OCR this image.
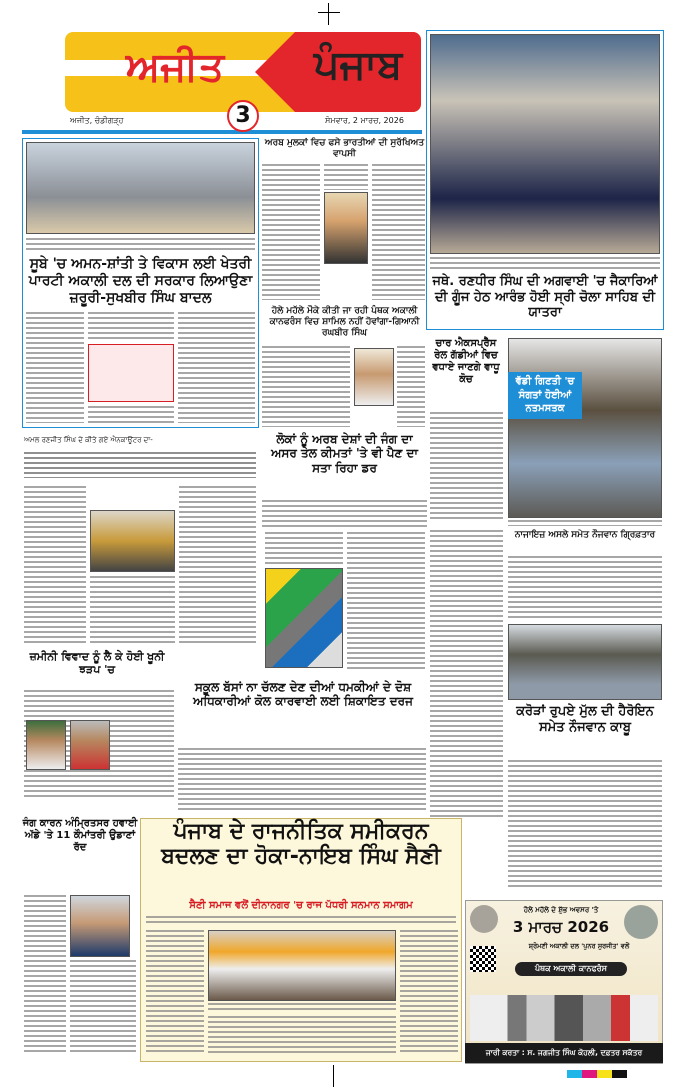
ਅਜੀਤ	ਪੰਜਾਬ
3
ਅਜੀਤ, ਚੰਡੀਗੜ੍ਹ	ਸੋਮਵਾਰ, 2 ਮਾਰਚ, 2026
ਸੂਬੇ 'ਚ ਅਮਨ-ਸ਼ਾਂਤੀ ਤੇ ਵਿਕਾਸ ਲਈ ਖੇਤਰੀ ਪਾਰਟੀ ਅਕਾਲੀ ਦਲ ਦੀ ਸਰਕਾਰ ਲਿਆਉਣਾ ਜ਼ਰੂਰੀ-ਸੁਖਬੀਰ ਸਿੰਘ ਬਾਦਲ
ਅਰਬ ਮੁਲਕਾਂ ਵਿਚ ਫਸੇ ਭਾਰਤੀਆਂ ਦੀ ਸੁਰੱਖਿਅਤ ਵਾਪਸੀ
ਹੋਲੇ ਮਹੱਲੇ ਮੌਕੇ ਕੀਤੀ ਜਾ ਰਹੀ ਪੰਥਕ ਅਕਾਲੀ ਕਾਨਫਰੰਸ ਵਿਚ ਸ਼ਾਮਿਲ ਨਹੀਂ ਹੋਵਾਂਗਾ-ਗਿਆਨੀ ਰਘਬੀਰ ਸਿੰਘ
ਜਥੇ. ਰਣਧੀਰ ਸਿੰਘ ਦੀ ਅਗਵਾਈ 'ਚ ਜੈਕਾਰਿਆਂ ਦੀ ਗੂੰਜ ਹੇਠ ਆਰੰਭ ਹੋਈ ਸ੍ਰੀ ਚੋਲਾ ਸਾਹਿਬ ਦੀ ਯਾਤਰਾ
ਵੱਡੀ ਗਿਣਤੀ 'ਚ ਸੰਗਤਾਂ ਹੋਈਆਂ ਨਤਮਸਤਕ
ਚਾਰ ਐਕਸਪ੍ਰੈੱਸ ਰੇਲ ਗੱਡੀਆਂ ਵਿਚ ਵਧਾਏ ਜਾਣਗੇ ਵਾਧੂ ਕੋਚ
ਨਾਜਾਇਜ਼ ਅਸਲੇ ਸਮੇਤ ਨੌਜਵਾਨ ਗ੍ਰਿਫ਼ਤਾਰ
ਕਰੋੜਾਂ ਰੁਪਏ ਮੁੱਲ ਦੀ ਹੈਰੋਇਨ ਸਮੇਤ ਨੌਜਵਾਨ ਕਾਬੂ
ਲੋਕਾਂ ਨੂੰ ਅਰਬ ਦੇਸ਼ਾਂ ਦੀ ਜੰਗ ਦਾ ਅਸਰ ਤੇਲ ਕੀਮਤਾਂ 'ਤੇ ਵੀ ਪੈਣ ਦਾ ਸਤਾ ਰਿਹਾ ਡਰ
ਅਮਲ ਰਣਜੀਤ ਸਿੰਘ ਦੇ ਕੀਤੇ ਗਏ ਐਨਕਾਊਂਟਰ ਦਾ-
ਜ਼ਮੀਨੀ ਵਿਵਾਦ ਨੂੰ ਲੈ ਕੇ ਹੋਈ ਖੂਨੀ ਝੜਪ 'ਚ
ਸਕੂਲ ਬੱਸਾਂ ਨਾ ਚੱਲਣ ਦੇਣ ਦੀਆਂ ਧਮਕੀਆਂ ਦੇ ਦੋਸ਼ ਅਧਿਕਾਰੀਆਂ ਕੋਲ ਕਾਰਵਾਈ ਲਈ ਸ਼ਿਕਾਇਤ ਦਰਜ
ਜੰਗ ਕਾਰਨ ਅੰਮ੍ਰਿਤਸਰ ਹਵਾਈ ਅੱਡੇ 'ਤੇ 11 ਕੌਮਾਂਤਰੀ ਉਡਾਣਾਂ ਰੱਦ
ਪੰਜਾਬ ਦੇ ਰਾਜਨੀਤਿਕ ਸਮੀਕਰਨ ਬਦਲਣ ਦਾ ਹੋਕਾ-ਨਾਇਬ ਸਿੰਘ ਸੈਣੀ
ਸੈਣੀ ਸਮਾਜ ਵਲੋਂ ਦੀਨਾਨਗਰ 'ਚ ਰਾਜ ਪੱਧਰੀ ਸਨਮਾਨ ਸਮਾਗਮ	ਹੋਲੇ ਮਹੱਲੇ ਦੇ ਸ਼ੁੱਭ ਅਵਸਰ 'ਤੇ
3 ਮਾਰਚ 2026
ਸ਼੍ਰੋਮਣੀ ਅਕਾਲੀ ਦਲ 'ਪੁਨਰ ਸੁਰਜੀਤ' ਵਲੋਂ
ਪੰਥਕ ਅਕਾਲੀ ਕਾਨਫਰੰਸ
ਜਾਰੀ ਕਰਤਾ : ਸ. ਜਗਜੀਤ ਸਿੰਘ ਕੋਹਲੀ, ਦਫ਼ਤਰ ਸਕੱਤਰ
